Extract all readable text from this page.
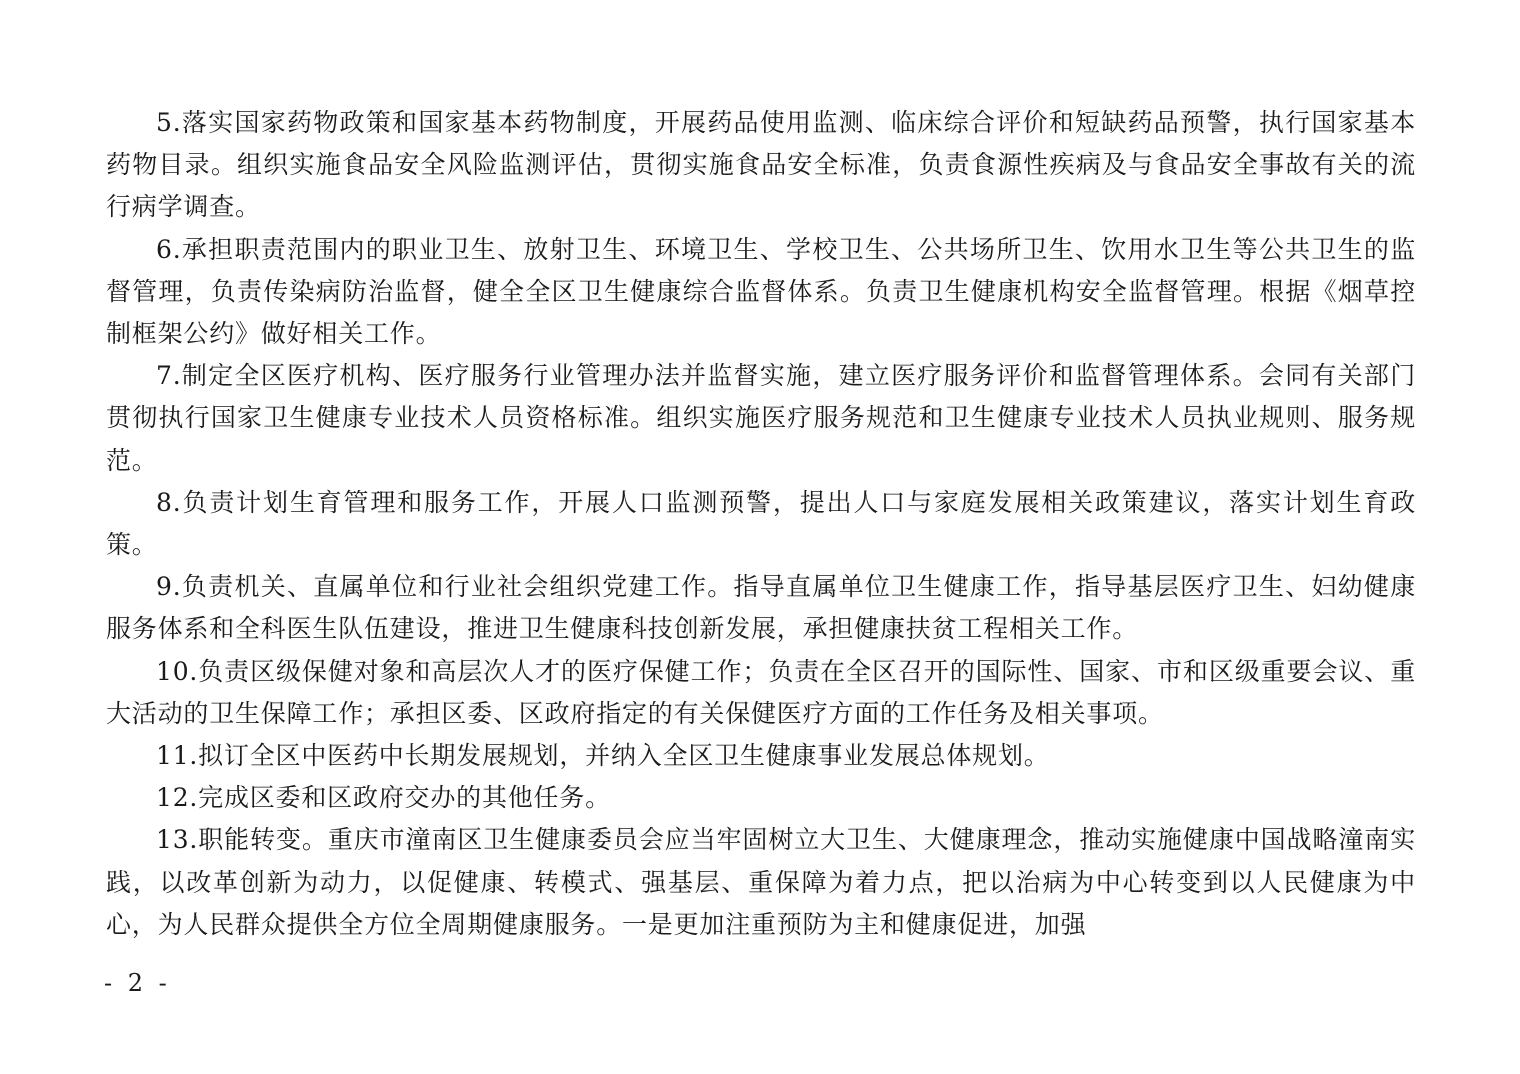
5.落实国家药物政策和国家基本药物制度，开展药品使用监测、临床综合评价和短缺药品预警，执行国家基本药物目录。组织实施食品安全风险监测评估，贯彻实施食品安全标准，负责食源性疾病及与食品安全事故有关的流行病学调查。

6.承担职责范围内的职业卫生、放射卫生、环境卫生、学校卫生、公共场所卫生、饮用水卫生等公共卫生的监督管理，负责传染病防治监督，健全全区卫生健康综合监督体系。负责卫生健康机构安全监督管理。根据《烟草控制框架公约》做好相关工作。

7.制定全区医疗机构、医疗服务行业管理办法并监督实施，建立医疗服务评价和监督管理体系。会同有关部门贯彻执行国家卫生健康专业技术人员资格标准。组织实施医疗服务规范和卫生健康专业技术人员执业规则、服务规范。

8.负责计划生育管理和服务工作，开展人口监测预警，提出人口与家庭发展相关政策建议，落实计划生育政策。

9.负责机关、直属单位和行业社会组织党建工作。指导直属单位卫生健康工作，指导基层医疗卫生、妇幼健康服务体系和全科医生队伍建设，推进卫生健康科技创新发展，承担健康扶贫工程相关工作。

10.负责区级保健对象和高层次人才的医疗保健工作；负责在全区召开的国际性、国家、市和区级重要会议、重大活动的卫生保障工作；承担区委、区政府指定的有关保健医疗方面的工作任务及相关事项。

11.拟订全区中医药中长期发展规划，并纳入全区卫生健康事业发展总体规划。

12.完成区委和区政府交办的其他任务。

13.职能转变。重庆市潼南区卫生健康委员会应当牢固树立大卫生、大健康理念，推动实施健康中国战略潼南实践，以改革创新为动力，以促健康、转模式、强基层、重保障为着力点，把以治病为中心转变到以人民健康为中心，为人民群众提供全方位全周期健康服务。一是更加注重预防为主和健康促进，加强

- 2 -
